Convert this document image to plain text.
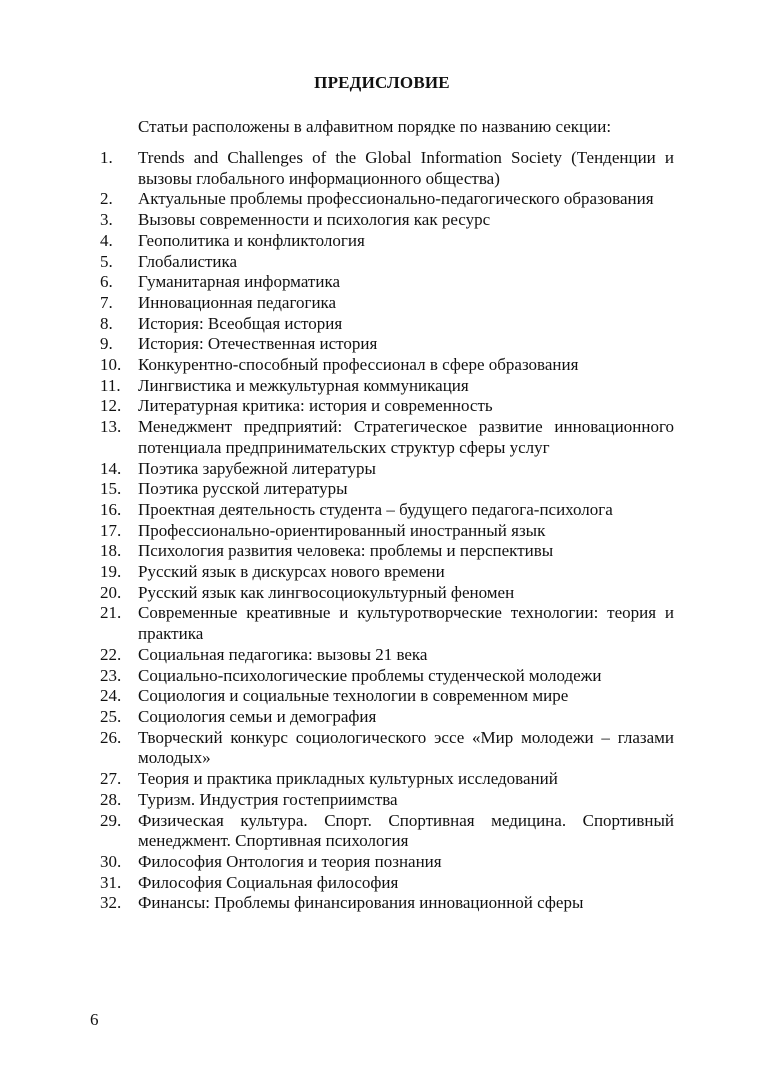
ПРЕДИСЛОВИЕ
Статьи расположены в алфавитном порядке по названию секции:
1.	Trends and Challenges of the Global Information Society (Тенденции и вызовы глобального информационного общества)
2.	Актуальные проблемы профессионально-педагогического образования
3.	Вызовы современности и психология как ресурс
4.	Геополитика и конфликтология
5.	Глобалистика
6.	Гуманитарная информатика
7.	Инновационная педагогика
8.	История: Всеобщая история
9.	История: Отечественная история
10. Конкурентно-способный профессионал в сфере образования
11.	Лингвистика и межкультурная коммуникация
12. Литературная критика: история и современность
13. Менеджмент предприятий: Стратегическое развитие инновационного потенциала предпринимательских структур сферы услуг
14. Поэтика зарубежной литературы
15. Поэтика русской литературы
16. Проектная деятельность студента – будущего педагога-психолога
17. Профессионально-ориентированный иностранный язык
18. Психология развития человека: проблемы и перспективы
19. Русский язык в дискурсах нового времени
20. Русский язык как лингвосоциокультурный феномен
21. Современные креативные и культуротворческие технологии: теория и практика
22. Социальная педагогика: вызовы 21 века
23. Социально-психологические проблемы студенческой молодежи
24. Социология и социальные технологии в современном мире
25. Социология семьи и демография
26. Творческий конкурс социологического эссе «Мир молодежи – глазами молодых»
27. Теория и практика прикладных культурных исследований
28. Туризм. Индустрия гостеприимства
29. Физическая культура. Спорт. Спортивная медицина. Спортивный менеджмент. Спортивная психология
30. Философия Онтология и теория познания
31. Философия Социальная философия
32. Финансы: Проблемы финансирования инновационной сферы
6
